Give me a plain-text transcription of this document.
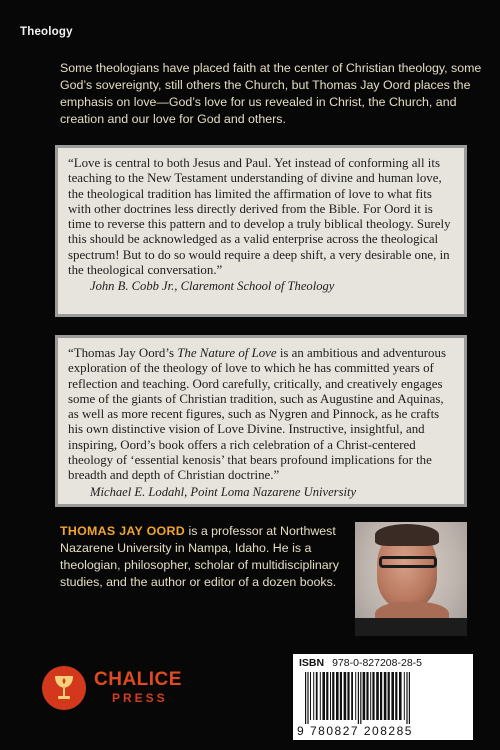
Theology

Some theologians have placed faith at the center of Christian theology, some God’s sovereignty, still others the Church, but Thomas Jay Oord places the emphasis on love—God’s love for us revealed in Christ, the Church, and creation and our love for God and others.

“Love is central to both Jesus and Paul. Yet instead of conforming all its teaching to the New Testament understanding of divine and human love, the theological tradition has limited the affirmation of love to what fits with other doctrines less directly derived from the Bible. For Oord it is time to reverse this pattern and to develop a truly biblical theology. Surely this should be acknowledged as a valid enterprise across the theological spectrum! But to do so would require a deep shift, a very desirable one, in the theological conversation.”

John B. Cobb Jr., Claremont School of Theology

“Thomas Jay Oord’s The Nature of Love is an ambitious and adventurous exploration of the theology of love to which he has committed years of reflection and teaching. Oord carefully, critically, and creatively engages some of the giants of Christian tradition, such as Augustine and Aquinas, as well as more recent figures, such as Nygren and Pinnock, as he crafts his own distinctive vision of Love Divine. Instructive, insightful, and inspiring, Oord’s book offers a rich celebration of a Christ-centered theology of ‘essential kenosis’ that bears profound implications for the breadth and depth of Christian doctrine.”

Michael E. Lodahl, Point Loma Nazarene University

THOMAS JAY OORD is a professor at Northwest Nazarene University in Nampa, Idaho. He is a theologian, philosopher, scholar of multidisciplinary studies, and the author or editor of a dozen books.

CHALICE
PRESS
ISBN 978-0-827208-28-5
9 780827 208285
